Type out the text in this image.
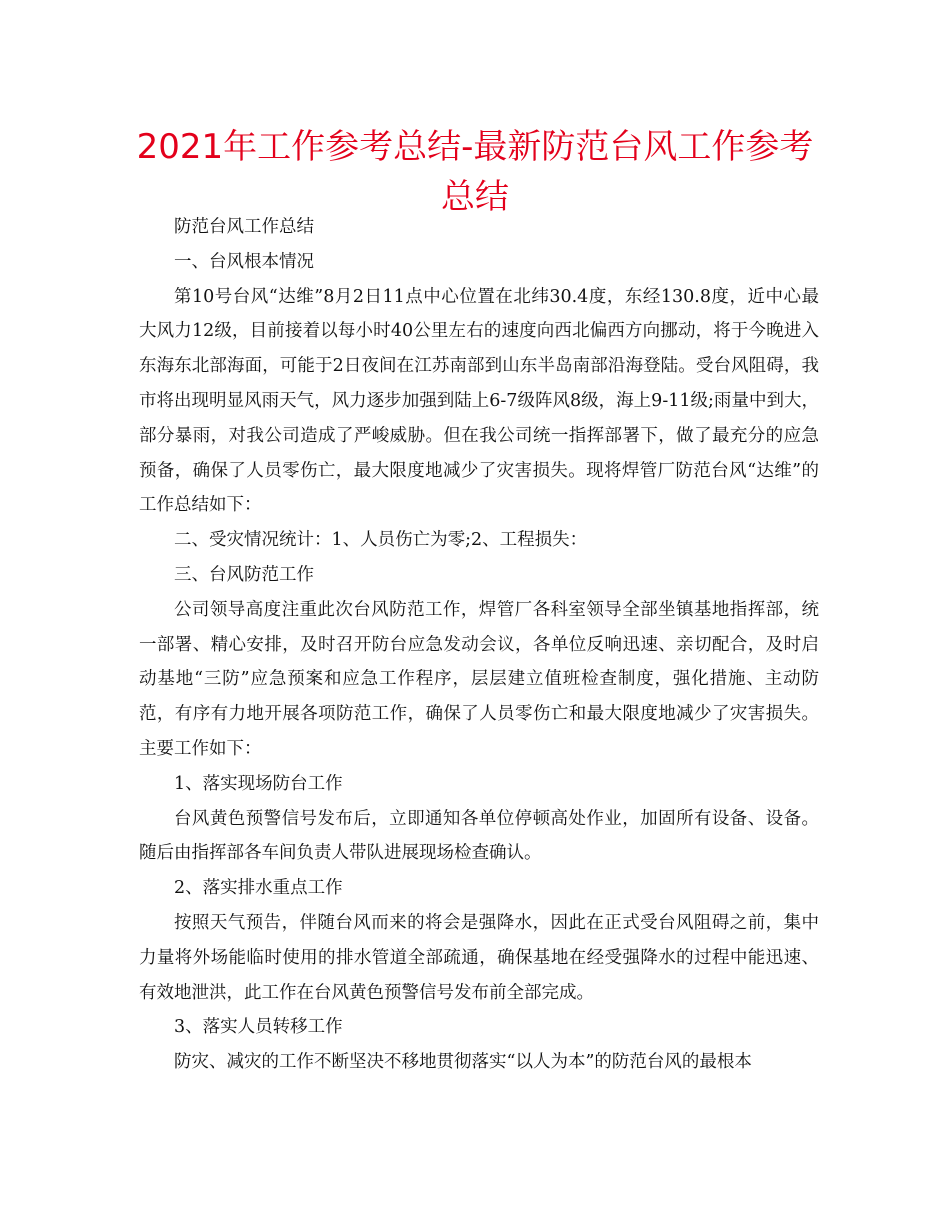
2021年工作参考总结-最新防范台风工作参考总结

防范台风工作总结

一、台风根本情况

第10号台风“达维”8月2日11点中心位置在北纬30.4度，东经130.8度，近中心最大风力12级，目前接着以每小时40公里左右的速度向西北偏西方向挪动，将于今晚进入东海东北部海面，可能于2日夜间在江苏南部到山东半岛南部沿海登陆。受台风阻碍，我市将出现明显风雨天气，风力逐步加强到陆上6-7级阵风8级，海上9-11级;雨量中到大，部分暴雨，对我公司造成了严峻威胁。但在我公司统一指挥部署下，做了最充分的应急预备，确保了人员零伤亡，最大限度地减少了灾害损失。现将焊管厂防范台风“达维”的工作总结如下：

二、受灾情况统计：1、人员伤亡为零;2、工程损失：

三、台风防范工作

公司领导高度注重此次台风防范工作，焊管厂各科室领导全部坐镇基地指挥部，统一部署、精心安排，及时召开防台应急发动会议，各单位反响迅速、亲切配合，及时启动基地“三防”应急预案和应急工作程序，层层建立值班检查制度，强化措施、主动防范，有序有力地开展各项防范工作，确保了人员零伤亡和最大限度地减少了灾害损失。主要工作如下：

1、落实现场防台工作

台风黄色预警信号发布后，立即通知各单位停顿高处作业，加固所有设备、设备。随后由指挥部各车间负责人带队进展现场检查确认。

2、落实排水重点工作

按照天气预告，伴随台风而来的将会是强降水，因此在正式受台风阻碍之前，集中力量将外场能临时使用的排水管道全部疏通，确保基地在经受强降水的过程中能迅速、有效地泄洪，此工作在台风黄色预警信号发布前全部完成。

3、落实人员转移工作

防灾、减灾的工作不断坚决不移地贯彻落实“以人为本”的防范台风的最根本
